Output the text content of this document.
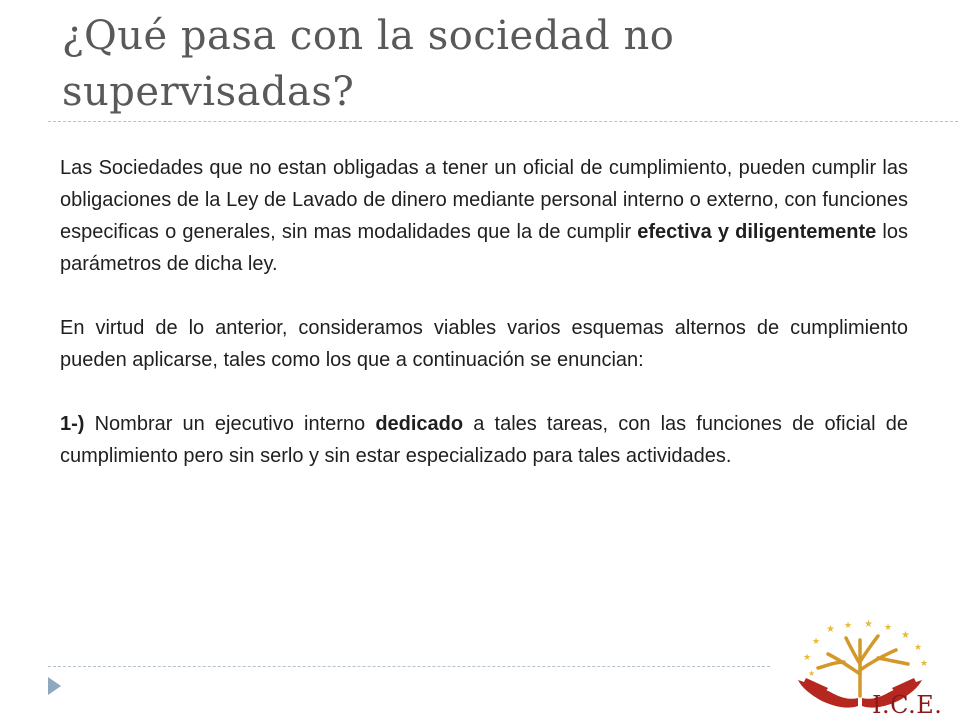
¿Qué pasa con la sociedad no supervisadas?

Las Sociedades que no estan obligadas a tener un oficial de cumplimiento, pueden cumplir las obligaciones de la Ley de Lavado de dinero mediante personal interno o externo, con funciones especificas o generales, sin mas modalidades que la de cumplir efectiva y diligentemente los parámetros de dicha ley.

En virtud de lo anterior, consideramos viables varios esquemas alternos de cumplimiento pueden aplicarse, tales como los que a continuación se enuncian:

1-) Nombrar un ejecutivo interno dedicado a tales tareas, con las funciones de oficial de cumplimiento pero sin serlo y sin estar especializado para tales actividades.

★ ★ ★ ★
★
★
★
★
★
★
I.C.E.
